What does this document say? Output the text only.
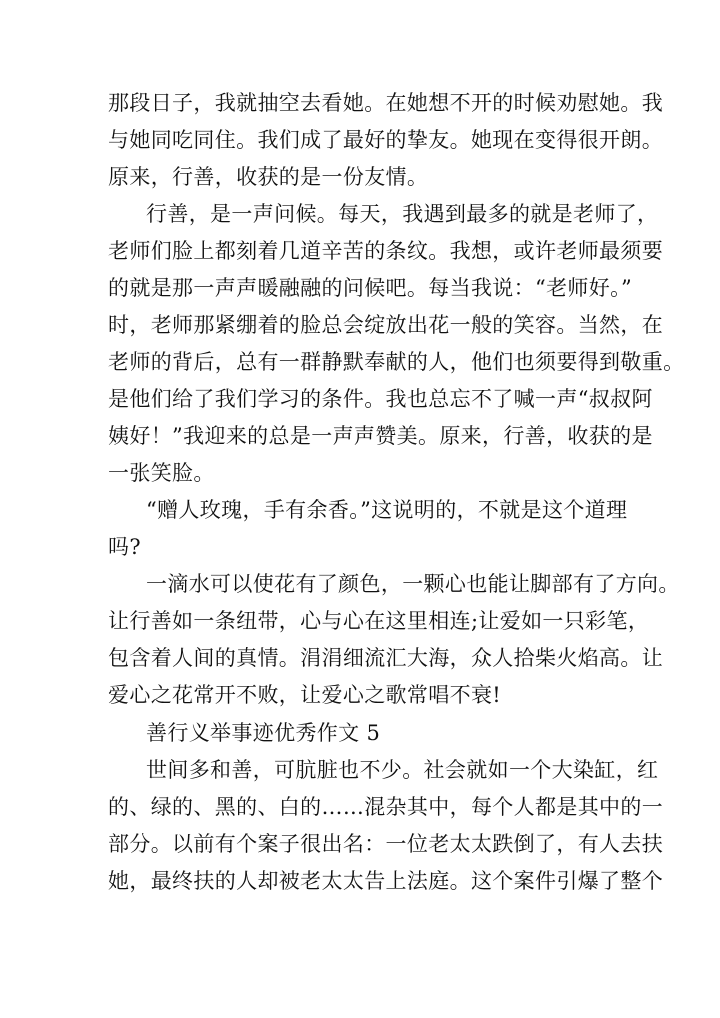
那段日子，我就抽空去看她。在她想不开的时候劝慰她。我
与她同吃同住。我们成了最好的挚友。她现在变得很开朗。
原来，行善，收获的是一份友情。
行善，是一声问候。每天，我遇到最多的就是老师了，
老师们脸上都刻着几道辛苦的条纹。我想，或许老师最须要
的就是那一声声暖融融的问候吧。每当我说：“老师好。”
时，老师那紧绷着的脸总会绽放出花一般的笑容。当然，在
老师的背后，总有一群静默奉献的人，他们也须要得到敬重。
是他们给了我们学习的条件。我也总忘不了喊一声“叔叔阿
姨好！”我迎来的总是一声声赞美。原来，行善，收获的是
一张笑脸。
“赠人玫瑰，手有余香。”这说明的，不就是这个道理
吗?
一滴水可以使花有了颜色，一颗心也能让脚部有了方向。
让行善如一条纽带，心与心在这里相连;让爱如一只彩笔，
包含着人间的真情。涓涓细流汇大海，众人拾柴火焰高。让
爱心之花常开不败，让爱心之歌常唱不衰!
善行义举事迹优秀作文 5
世间多和善，可肮脏也不少。社会就如一个大染缸，红
的、绿的、黑的、白的……混杂其中，每个人都是其中的一
部分。以前有个案子很出名：一位老太太跌倒了，有人去扶
她，最终扶的人却被老太太告上法庭。这个案件引爆了整个
